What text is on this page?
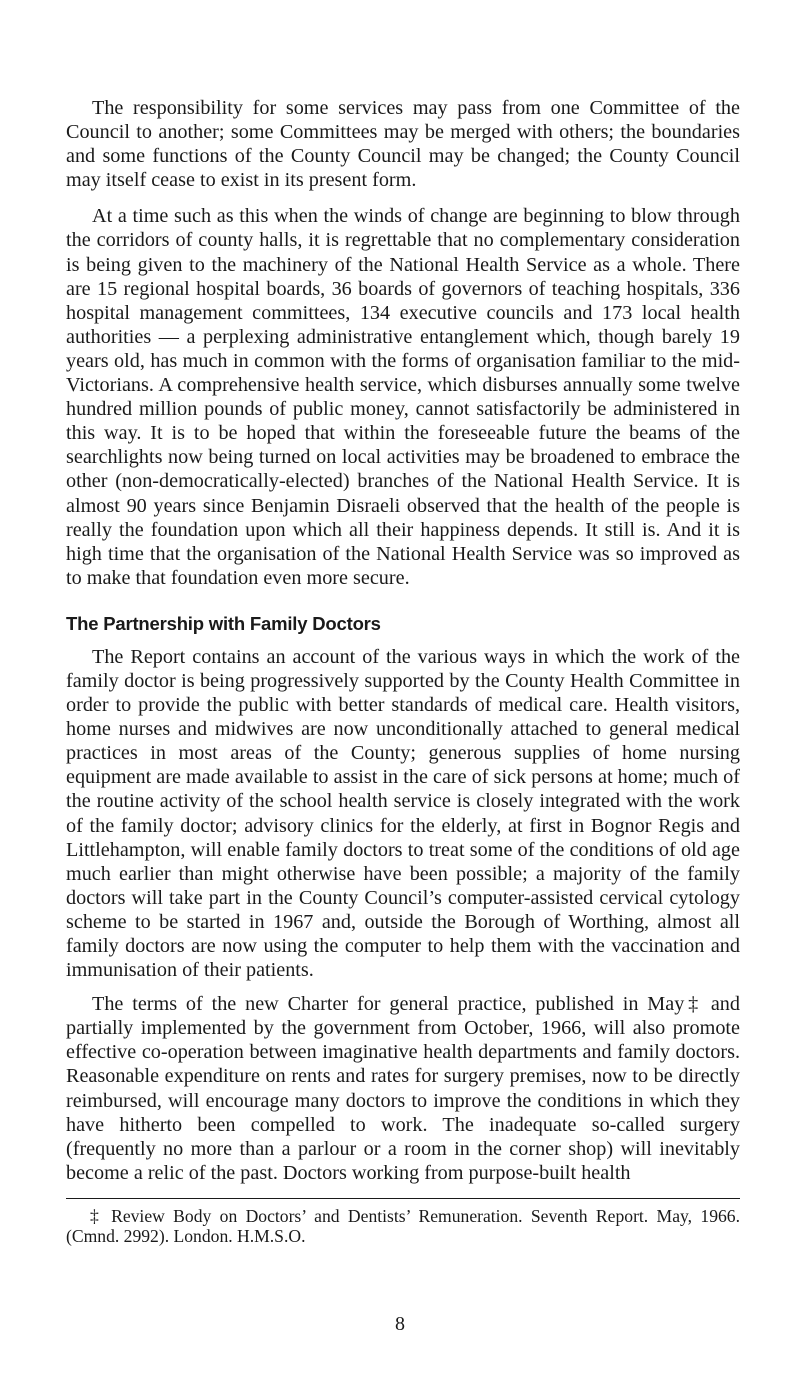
The responsibility for some services may pass from one Committee of the Council to another; some Committees may be merged with others; the boundaries and some functions of the County Council may be changed; the County Council may itself cease to exist in its present form.

At a time such as this when the winds of change are beginning to blow through the corridors of county halls, it is regrettable that no complementary consideration is being given to the machinery of the National Health Service as a whole. There are 15 regional hospital boards, 36 boards of governors of teaching hospitals, 336 hospital management committees, 134 executive councils and 173 local health authorities — a perplexing administrative entanglement which, though barely 19 years old, has much in common with the forms of organisation familiar to the mid-Victorians. A comprehensive health service, which disburses annually some twelve hundred million pounds of public money, cannot satisfactorily be administered in this way. It is to be hoped that within the foreseeable future the beams of the searchlights now being turned on local activities may be broadened to embrace the other (non-democratically-elected) branches of the National Health Service. It is almost 90 years since Benjamin Disraeli observed that the health of the people is really the foundation upon which all their happiness depends. It still is. And it is high time that the organisation of the National Health Service was so improved as to make that foundation even more secure.

The Partnership with Family Doctors

The Report contains an account of the various ways in which the work of the family doctor is being progressively supported by the County Health Committee in order to provide the public with better standards of medical care. Health visitors, home nurses and midwives are now unconditionally attached to general medical practices in most areas of the County; generous supplies of home nursing equipment are made available to assist in the care of sick persons at home; much of the routine activity of the school health service is closely integrated with the work of the family doctor; advisory clinics for the elderly, at first in Bognor Regis and Littlehampton, will enable family doctors to treat some of the conditions of old age much earlier than might otherwise have been possible; a majority of the family doctors will take part in the County Council’s computer-assisted cervical cytology scheme to be started in 1967 and, outside the Borough of Worthing, almost all family doctors are now using the computer to help them with the vaccination and immunisation of their patients.

The terms of the new Charter for general practice, published in May‡ and partially implemented by the government from October, 1966, will also promote effective co-operation between imaginative health departments and family doctors. Reasonable expenditure on rents and rates for surgery premises, now to be directly reimbursed, will encourage many doctors to improve the conditions in which they have hitherto been compelled to work. The inadequate so-called surgery (frequently no more than a parlour or a room in the corner shop) will inevitably become a relic of the past. Doctors working from purpose-built health

‡ Review Body on Doctors’ and Dentists’ Remuneration. Seventh Report. May, 1966. (Cmnd. 2992). London. H.M.S.O.

8
